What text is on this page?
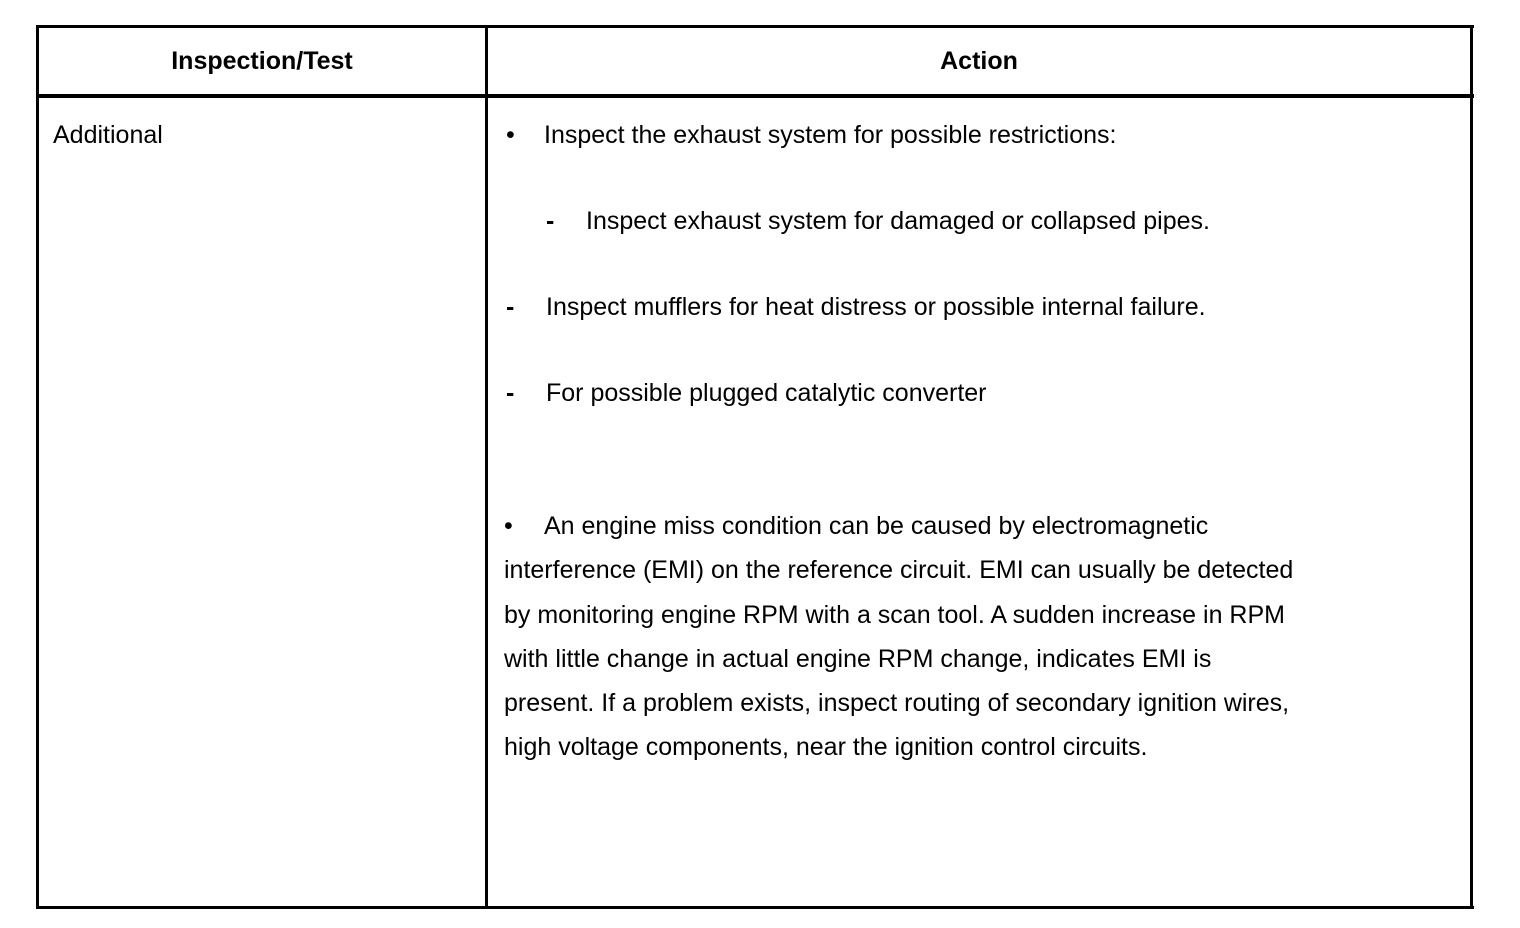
Inspection/Test	Action
Additional	• Inspect the exhaust system for possible restrictions:
- Inspect exhaust system for damaged or collapsed pipes.
- Inspect mufflers for heat distress or possible internal failure.
- For possible plugged catalytic converter
• An engine miss condition can be caused by electromagnetic
interference (EMI) on the reference circuit. EMI can usually be detected
by monitoring engine RPM with a scan tool. A sudden increase in RPM
with little change in actual engine RPM change, indicates EMI is
present. If a problem exists, inspect routing of secondary ignition wires,
high voltage components, near the ignition control circuits.
